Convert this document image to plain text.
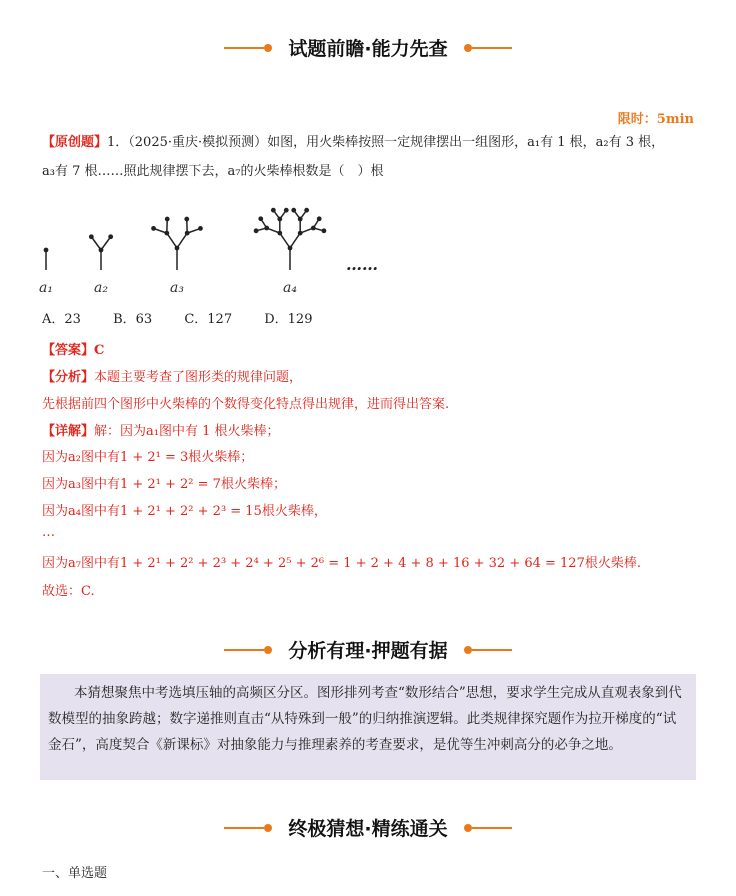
试题前瞻·能力先查
限时：5min
【原创题】1．（2025·重庆·模拟预测）如图，用火柴棒按照一定规律摆出一组图形，a₁有 1 根，a₂有 3 根，
a₃有 7 根……照此规律摆下去，a₇的火柴棒根数是（　）根
a₁	a₂	a₃	a₄
……
A．23 B．63 C．127 D．129
【答案】C
【分析】本题主要考查了图形类的规律问题，
先根据前四个图形中火柴棒的个数得变化特点得出规律，进而得出答案.
【详解】解：因为a₁图中有 1 根火柴棒；
因为a₂图中有1 + 2¹ = 3根火柴棒；
因为a₃图中有1 + 2¹ + 2² = 7根火柴棒；
因为a₄图中有1 + 2¹ + 2² + 2³ = 15根火柴棒，
…
因为a₇图中有1 + 2¹ + 2² + 2³ + 2⁴ + 2⁵ + 2⁶ = 1 + 2 + 4 + 8 + 16 + 32 + 64 = 127根火柴棒.
故选：C.
分析有理·押题有据
本猜想聚焦中考选填压轴的高频区分区。图形排列考查“数形结合”思想，要求学生完成从直观表象到代数模型的抽象跨越；数字递推则直击“从特殊到一般”的归纳推演逻辑。此类规律探究题作为拉开梯度的“试金石”，高度契合《新课标》对抽象能力与推理素养的考查要求，是优等生冲刺高分的必争之地。
终极猜想·精练通关
一、单选题
